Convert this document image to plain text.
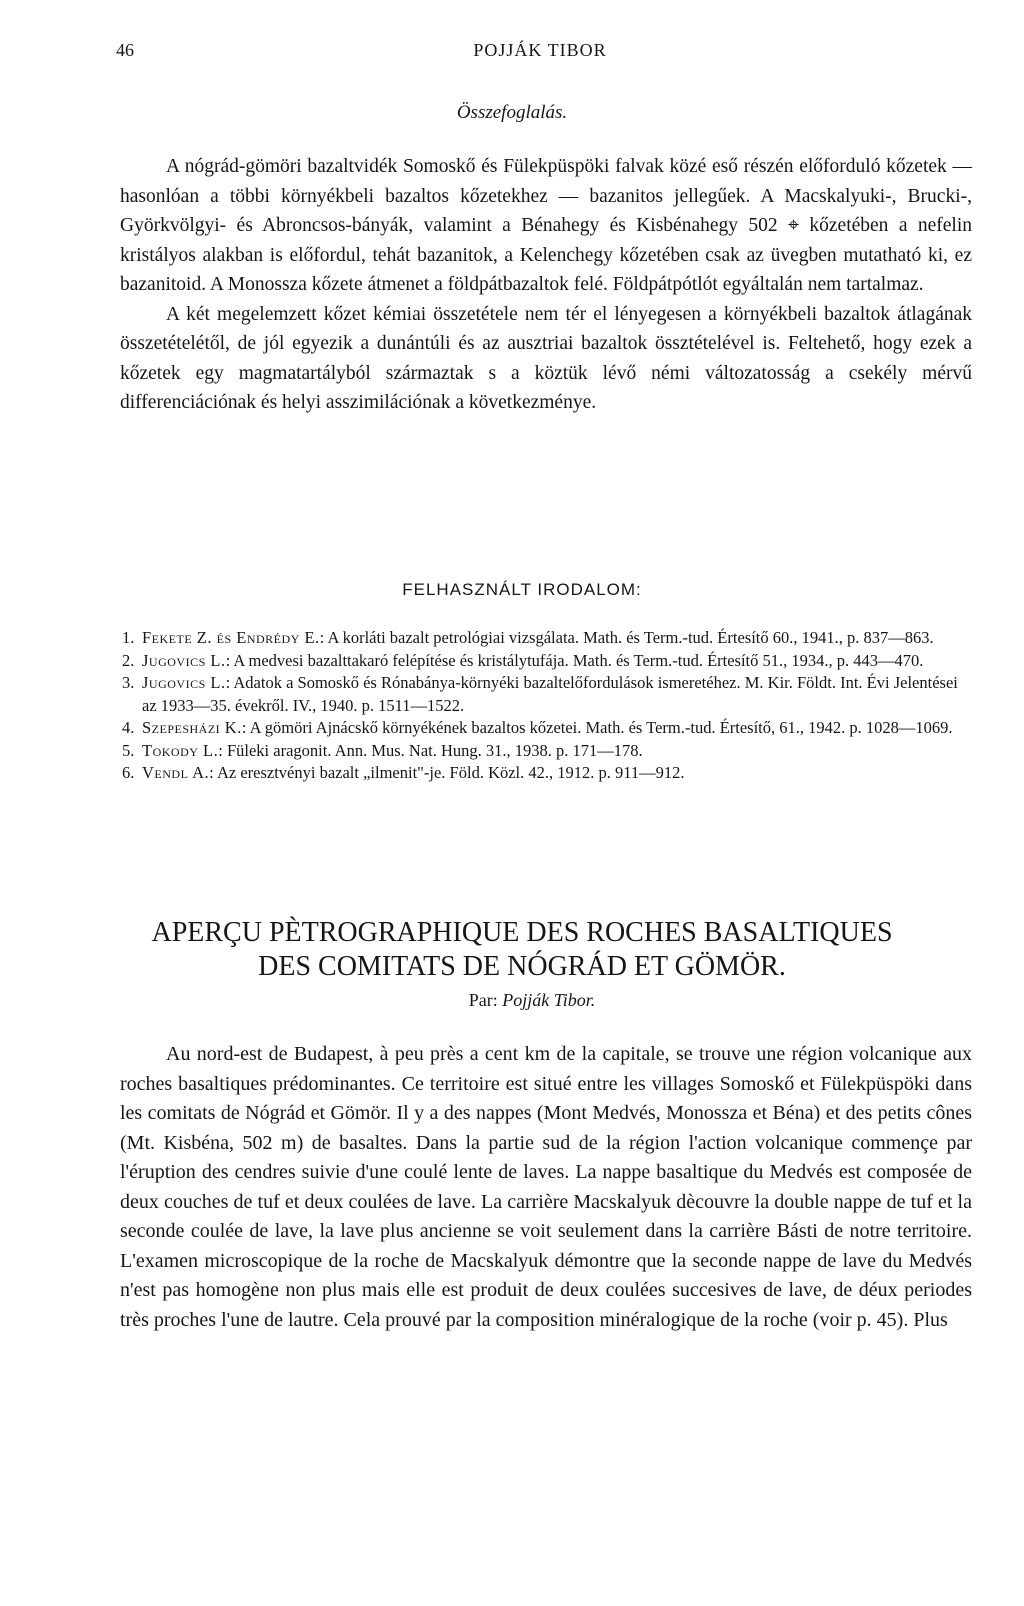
46	POJJÁK TIBOR
Összefoglalás.

A nógrád-gömöri bazaltvidék Somoskő és Fülekpüspöki falvak közé eső részén előforduló kőzetek — hasonlóan a többi környékbeli bazaltos kőzetekhez — bazanitos jellegűek. A Macskalyuki-, Brucki-, Györkvölgyi- és Abroncsos-bányák, valamint a Bénahegy és Kisbénahegy 502 ⌖ kőzetében a nefelin kristályos alakban is előfordul, tehát bazanitok, a Kelenchegy kőzetében csak az üvegben mutatható ki, ez bazanitoid. A Monossza kőzete átmenet a földpátbazaltok felé. Földpátpótlót egyáltalán nem tartalmaz.

A két megelemzett kőzet kémiai összetétele nem tér el lényegesen a környékbeli bazaltok átlagának összetételétől, de jól egyezik a dunántúli és az ausztriai bazaltok össztételével is. Feltehető, hogy ezek a kőzetek egy magmatartályból származtak s a köztük lévő némi változatosság a csekély mérvű differenciációnak és helyi asszimilációnak a következménye.

FELHASZNÁLT IRODALOM:
1. Fekete Z. és Endrédy E.: A korláti bazalt petrológiai vizsgálata. Math. és Term.-tud. Értesítő 60., 1941., p. 837—863.
2. Jugovics L.: A medvesi bazalttakaró felépítése és kristálytufája. Math. és Term.-tud. Értesítő 51., 1934., p. 443—470.
3. Jugovics L.: Adatok a Somoskő és Rónabánya-környéki bazaltelőfordulások ismeretéhez. M. Kir. Földt. Int. Évi Jelentései az 1933—35. évekről. IV., 1940. p. 1511—1522.
4. Szepesházi K.: A gömöri Ajnácskő környékének bazaltos kőzetei. Math. és Term.-tud. Értesítő, 61., 1942. p. 1028—1069.
5. Tokody L.: Füleki aragonit. Ann. Mus. Nat. Hung. 31., 1938. p. 171—178.
6. Vendl A.: Az eresztvényi bazalt „ilmenit"-je. Föld. Közl. 42., 1912. p. 911—912.
APERÇU PÈTROGRAPHIQUE DES ROCHES BASALTIQUES
DES COMITATS DE NÓGRÁD ET GÖMÖR.
Par: Pojják Tibor.

Au nord-est de Budapest, à peu près a cent km de la capitale, se trouve une région volcanique aux roches basaltiques prédominantes. Ce territoire est situé entre les villages Somoskő et Fülekpüspöki dans les comitats de Nógrád et Gömör. Il y a des nappes (Mont Medvés, Monossza et Béna) et des petits cônes (Mt. Kisbéna, 502 m) de basaltes. Dans la partie sud de la région l'action volcanique commençe par l'éruption des cendres suivie d'une coulé lente de laves. La nappe basaltique du Medvés est composée de deux couches de tuf et deux coulées de lave. La carrière Macskalyuk dècouvre la double nappe de tuf et la seconde coulée de lave, la lave plus ancienne se voit seulement dans la carrière Básti de notre territoire. L'examen microscopique de la roche de Macskalyuk démontre que la seconde nappe de lave du Medvés n'est pas homogène non plus mais elle est produit de deux coulées succesives de lave, de déux periodes très proches l'une de lautre. Cela prouvé par la composition minéralogique de la roche (voir p. 45). Plus
